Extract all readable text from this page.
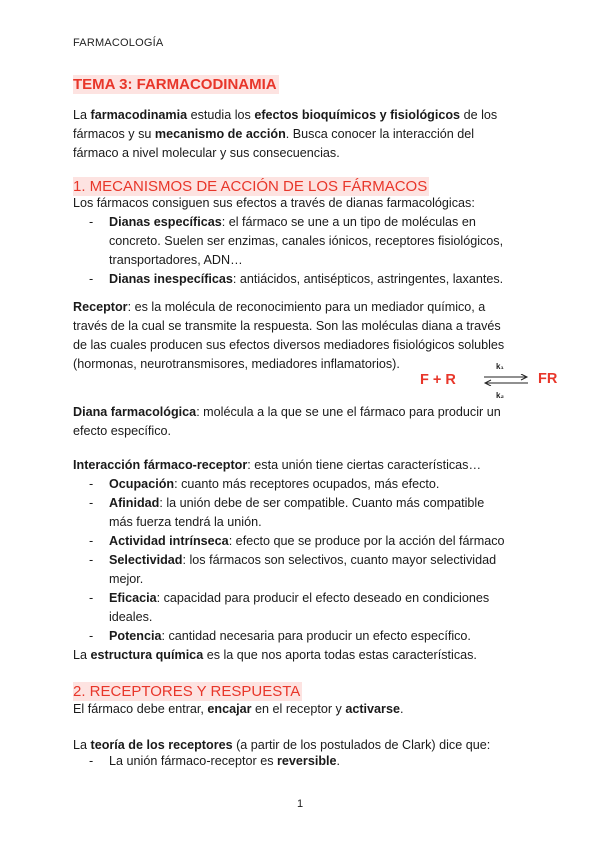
FARMACOLOGÍA
TEMA 3: FARMACODINAMIA

La farmacodinamia estudia los efectos bioquímicos y fisiológicos de los
fármacos y su mecanismo de acción. Busca conocer la interacción del
fármaco a nivel molecular y sus consecuencias.

1. MECANISMOS DE ACCIÓN DE LOS FÁRMACOS

Los fármacos consiguen sus efectos a través de dianas farmacológicas:

- Dianas específicas: el fármaco se une a un tipo de moléculas en
concreto. Suelen ser enzimas, canales iónicos, receptores fisiológicos,
transportadores, ADN…
- Dianas inespecíficas: antiácidos, antisépticos, astringentes, laxantes.

Receptor: es la molécula de reconocimiento para un mediador químico, a
través de la cual se transmite la respuesta. Son las moléculas diana a través
de las cuales producen sus efectos diversos mediadores fisiológicos solubles
(hormonas, neurotransmisores, mediadores inflamatorios).

F + R
k₁
k₂
FR

Diana farmacológica: molécula a la que se une el fármaco para producir un
efecto específico.

Interacción fármaco-receptor: esta unión tiene ciertas características…

- Ocupación: cuanto más receptores ocupados, más efecto.
- Afinidad: la unión debe de ser compatible. Cuanto más compatible
más fuerza tendrá la unión.
- Actividad intrínseca: efecto que se produce por la acción del fármaco
- Selectividad: los fármacos son selectivos, cuanto mayor selectividad
mejor.
- Eficacia: capacidad para producir el efecto deseado en condiciones
ideales.
- Potencia: cantidad necesaria para producir un efecto específico.

La estructura química es la que nos aporta todas estas características.

2. RECEPTORES Y RESPUESTA

El fármaco debe entrar, encajar en el receptor y activarse.

La teoría de los receptores (a partir de los postulados de Clark) dice que:

- La unión fármaco-receptor es reversible.
1
